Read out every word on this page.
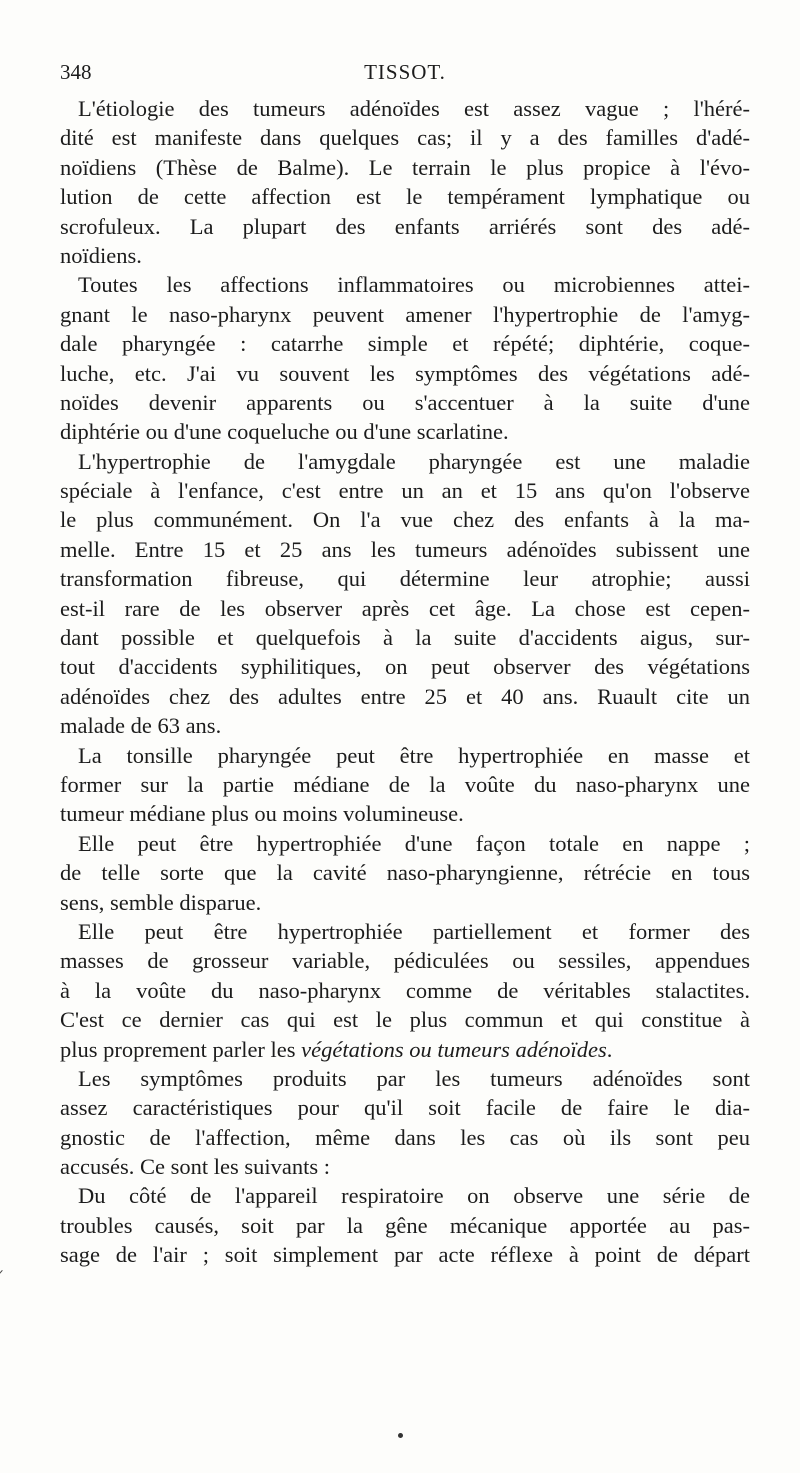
348	TISSOT.
L'étiologie des tumeurs adénoïdes est assez vague ; l'héré-
dité est manifeste dans quelques cas; il y a des familles d'adé-
noïdiens (Thèse de Balme). Le terrain le plus propice à l'évo-
lution de cette affection est le tempérament lymphatique ou
scrofuleux. La plupart des enfants arriérés sont des adé-
noïdiens.
Toutes les affections inflammatoires ou microbiennes attei-
gnant le naso-pharynx peuvent amener l'hypertrophie de l'amyg-
dale pharyngée : catarrhe simple et répété; diphtérie, coque-
luche, etc. J'ai vu souvent les symptômes des végétations adé-
noïdes devenir apparents ou s'accentuer à la suite d'une
diphtérie ou d'une coqueluche ou d'une scarlatine.
L'hypertrophie de l'amygdale pharyngée est une maladie
spéciale à l'enfance, c'est entre un an et 15 ans qu'on l'observe
le plus communément. On l'a vue chez des enfants à la ma-
melle. Entre 15 et 25 ans les tumeurs adénoïdes subissent une
transformation fibreuse, qui détermine leur atrophie; aussi
est-il rare de les observer après cet âge. La chose est cepen-
dant possible et quelquefois à la suite d'accidents aigus, sur-
tout d'accidents syphilitiques, on peut observer des végétations
adénoïdes chez des adultes entre 25 et 40 ans. Ruault cite un
malade de 63 ans.
La tonsille pharyngée peut être hypertrophiée en masse et
former sur la partie médiane de la voûte du naso-pharynx une
tumeur médiane plus ou moins volumineuse.
Elle peut être hypertrophiée d'une façon totale en nappe ;
de telle sorte que la cavité naso-pharyngienne, rétrécie en tous
sens, semble disparue.
Elle peut être hypertrophiée partiellement et former des
masses de grosseur variable, pédiculées ou sessiles, appendues
à la voûte du naso-pharynx comme de véritables stalactites.
C'est ce dernier cas qui est le plus commun et qui constitue à
plus proprement parler les végétations ou tumeurs adénoïdes.
Les symptômes produits par les tumeurs adénoïdes sont
assez caractéristiques pour qu'il soit facile de faire le dia-
gnostic de l'affection, même dans les cas où ils sont peu
accusés. Ce sont les suivants :
Du côté de l'appareil respiratoire on observe une série de
troubles causés, soit par la gêne mécanique apportée au pas-
sage de l'air ; soit simplement par acte réflexe à point de départ
